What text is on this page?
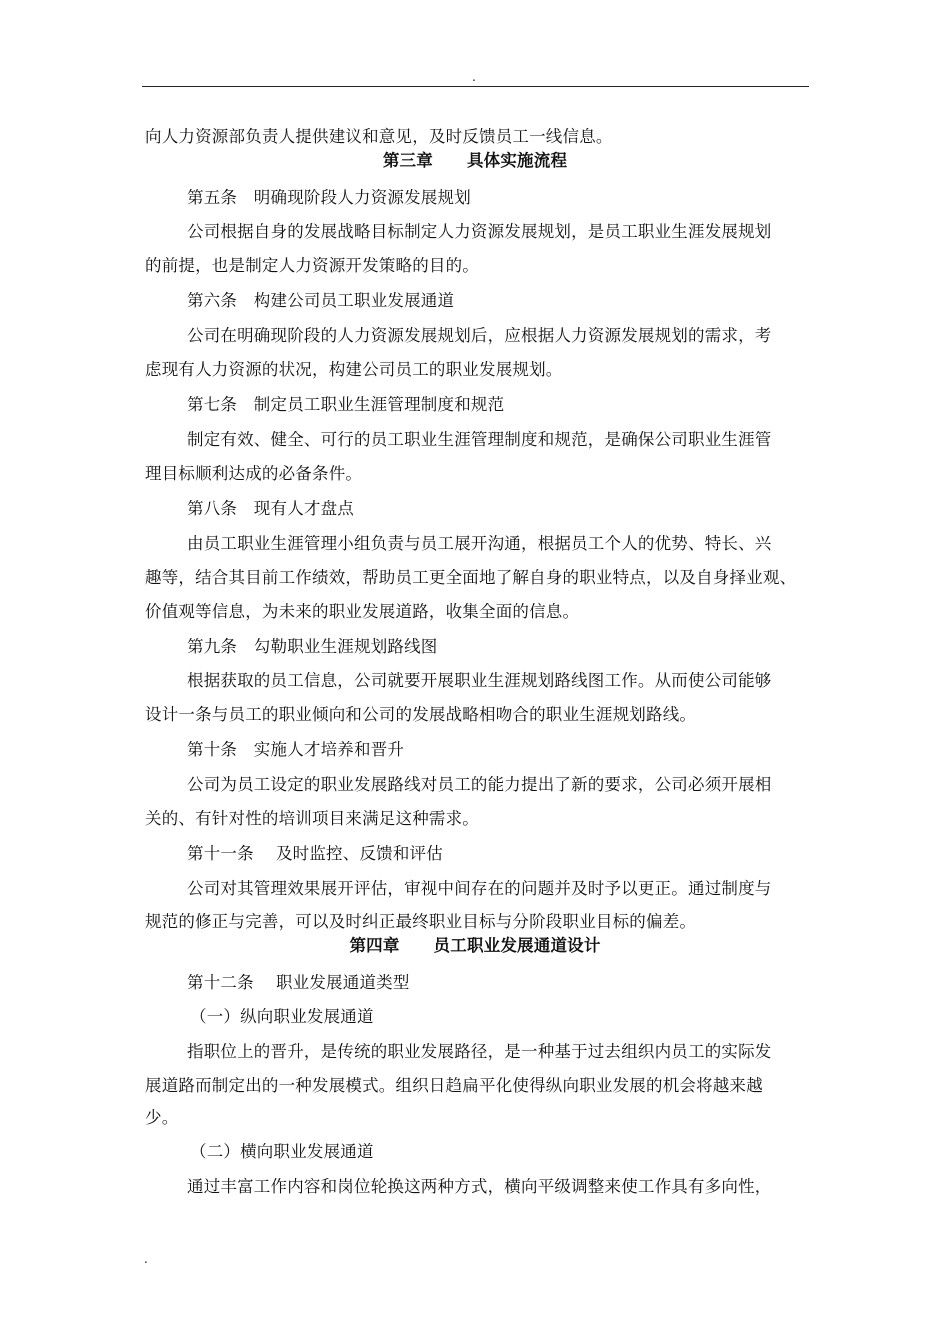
.
向人力资源部负责人提供建议和意见，及时反馈员工一线信息。
第三章 具体实施流程
第五条　明确现阶段人力资源发展规划
公司根据自身的发展战略目标制定人力资源发展规划，是员工职业生涯发展规划
的前提，也是制定人力资源开发策略的目的。
第六条　构建公司员工职业发展通道
公司在明确现阶段的人力资源发展规划后，应根据人力资源发展规划的需求，考
虑现有人力资源的状况，构建公司员工的职业发展规划。
第七条　制定员工职业生涯管理制度和规范
制定有效、健全、可行的员工职业生涯管理制度和规范，是确保公司职业生涯管
理目标顺利达成的必备条件。
第八条　现有人才盘点
由员工职业生涯管理小组负责与员工展开沟通，根据员工个人的优势、特长、兴
趣等，结合其目前工作绩效，帮助员工更全面地了解自身的职业特点，以及自身择业观、
价值观等信息，为未来的职业发展道路，收集全面的信息。
第九条　勾勒职业生涯规划路线图
根据获取的员工信息，公司就要开展职业生涯规划路线图工作。从而使公司能够
设计一条与员工的职业倾向和公司的发展战略相吻合的职业生涯规划路线。
第十条　实施人才培养和晋升
公司为员工设定的职业发展路线对员工的能力提出了新的要求，公司必须开展相
关的、有针对性的培训项目来满足这种需求。
第十一条　 及时监控、反馈和评估
公司对其管理效果展开评估，审视中间存在的问题并及时予以更正。通过制度与
规范的修正与完善，可以及时纠正最终职业目标与分阶段职业目标的偏差。
第四章 员工职业发展通道设计
第十二条　 职业发展通道类型
（一）纵向职业发展通道
指职位上的晋升，是传统的职业发展路径，是一种基于过去组织内员工的实际发
展道路而制定出的一种发展模式。组织日趋扁平化使得纵向职业发展的机会将越来越
少。
（二）横向职业发展通道
通过丰富工作内容和岗位轮换这两种方式，横向平级调整来使工作具有多向性，
.
